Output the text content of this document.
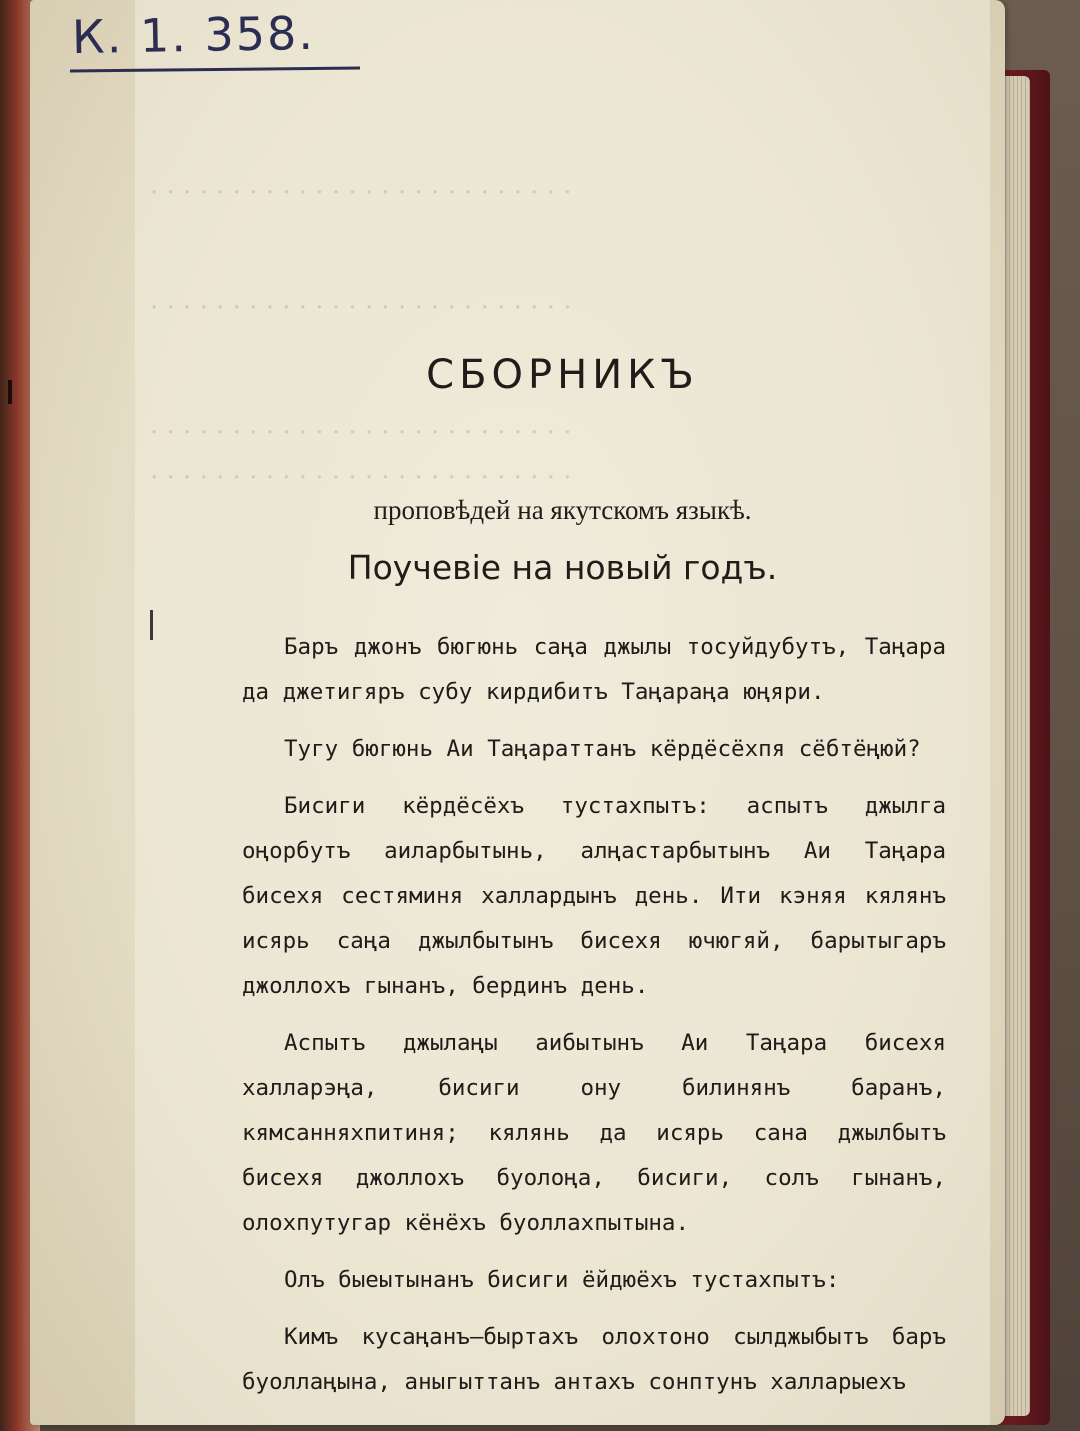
. . . . . . . . . . . . . . . . . . . . . . . . . .
. . . . . . . . . . . . . . . . . . . . . . . . . .
. . . . . . . . . . . . . . . . . . . . . . . . . .
. . . . . . . . . . . . . . . . . . . . . . . . . .
К. 1. 358.
СБОРНИКЪ
проповѣдей на якутскомъ языкѣ.
Поучевіе на новый годъ.

Баръ джонъ бюгюнь саңа джылы тосуйдубутъ, Таңара да джетигяръ субу кирдибитъ Таңараңа юңяри.

Тугу бюгюнь Аи Таңараттанъ кёрдёсёхпя сёбтёңюй?

Бисиги кёрдёсёхъ тустахпытъ: аспытъ джылга оңорбутъ аиларбытынь, алңастарбытынъ Аи Таңара бисехя сестяминя халлардынъ день. Ити кэняя кялянъ исярь саңа джылбытынъ бисехя ючюгяй, барытыгаръ джоллохъ гынанъ, бердинъ день.

Аспытъ джылаңы аибытынъ Аи Таңара бисехя халларэңа, бисиги ону билинянъ баранъ, кямсанняхпитиня; кялянь да исярь сана джылбытъ бисехя джоллохъ буолоңа, бисиги, солъ гынанъ, олохпутугар кёнёхъ буоллахпытына.

Олъ быеытынанъ бисиги ёйдюёхъ тустахпытъ:

Кимъ кусаңанъ—быртахъ олохтоно сылджыбытъ баръ буоллаңына, аныгыттанъ антахъ сонптунъ халларыехъ
